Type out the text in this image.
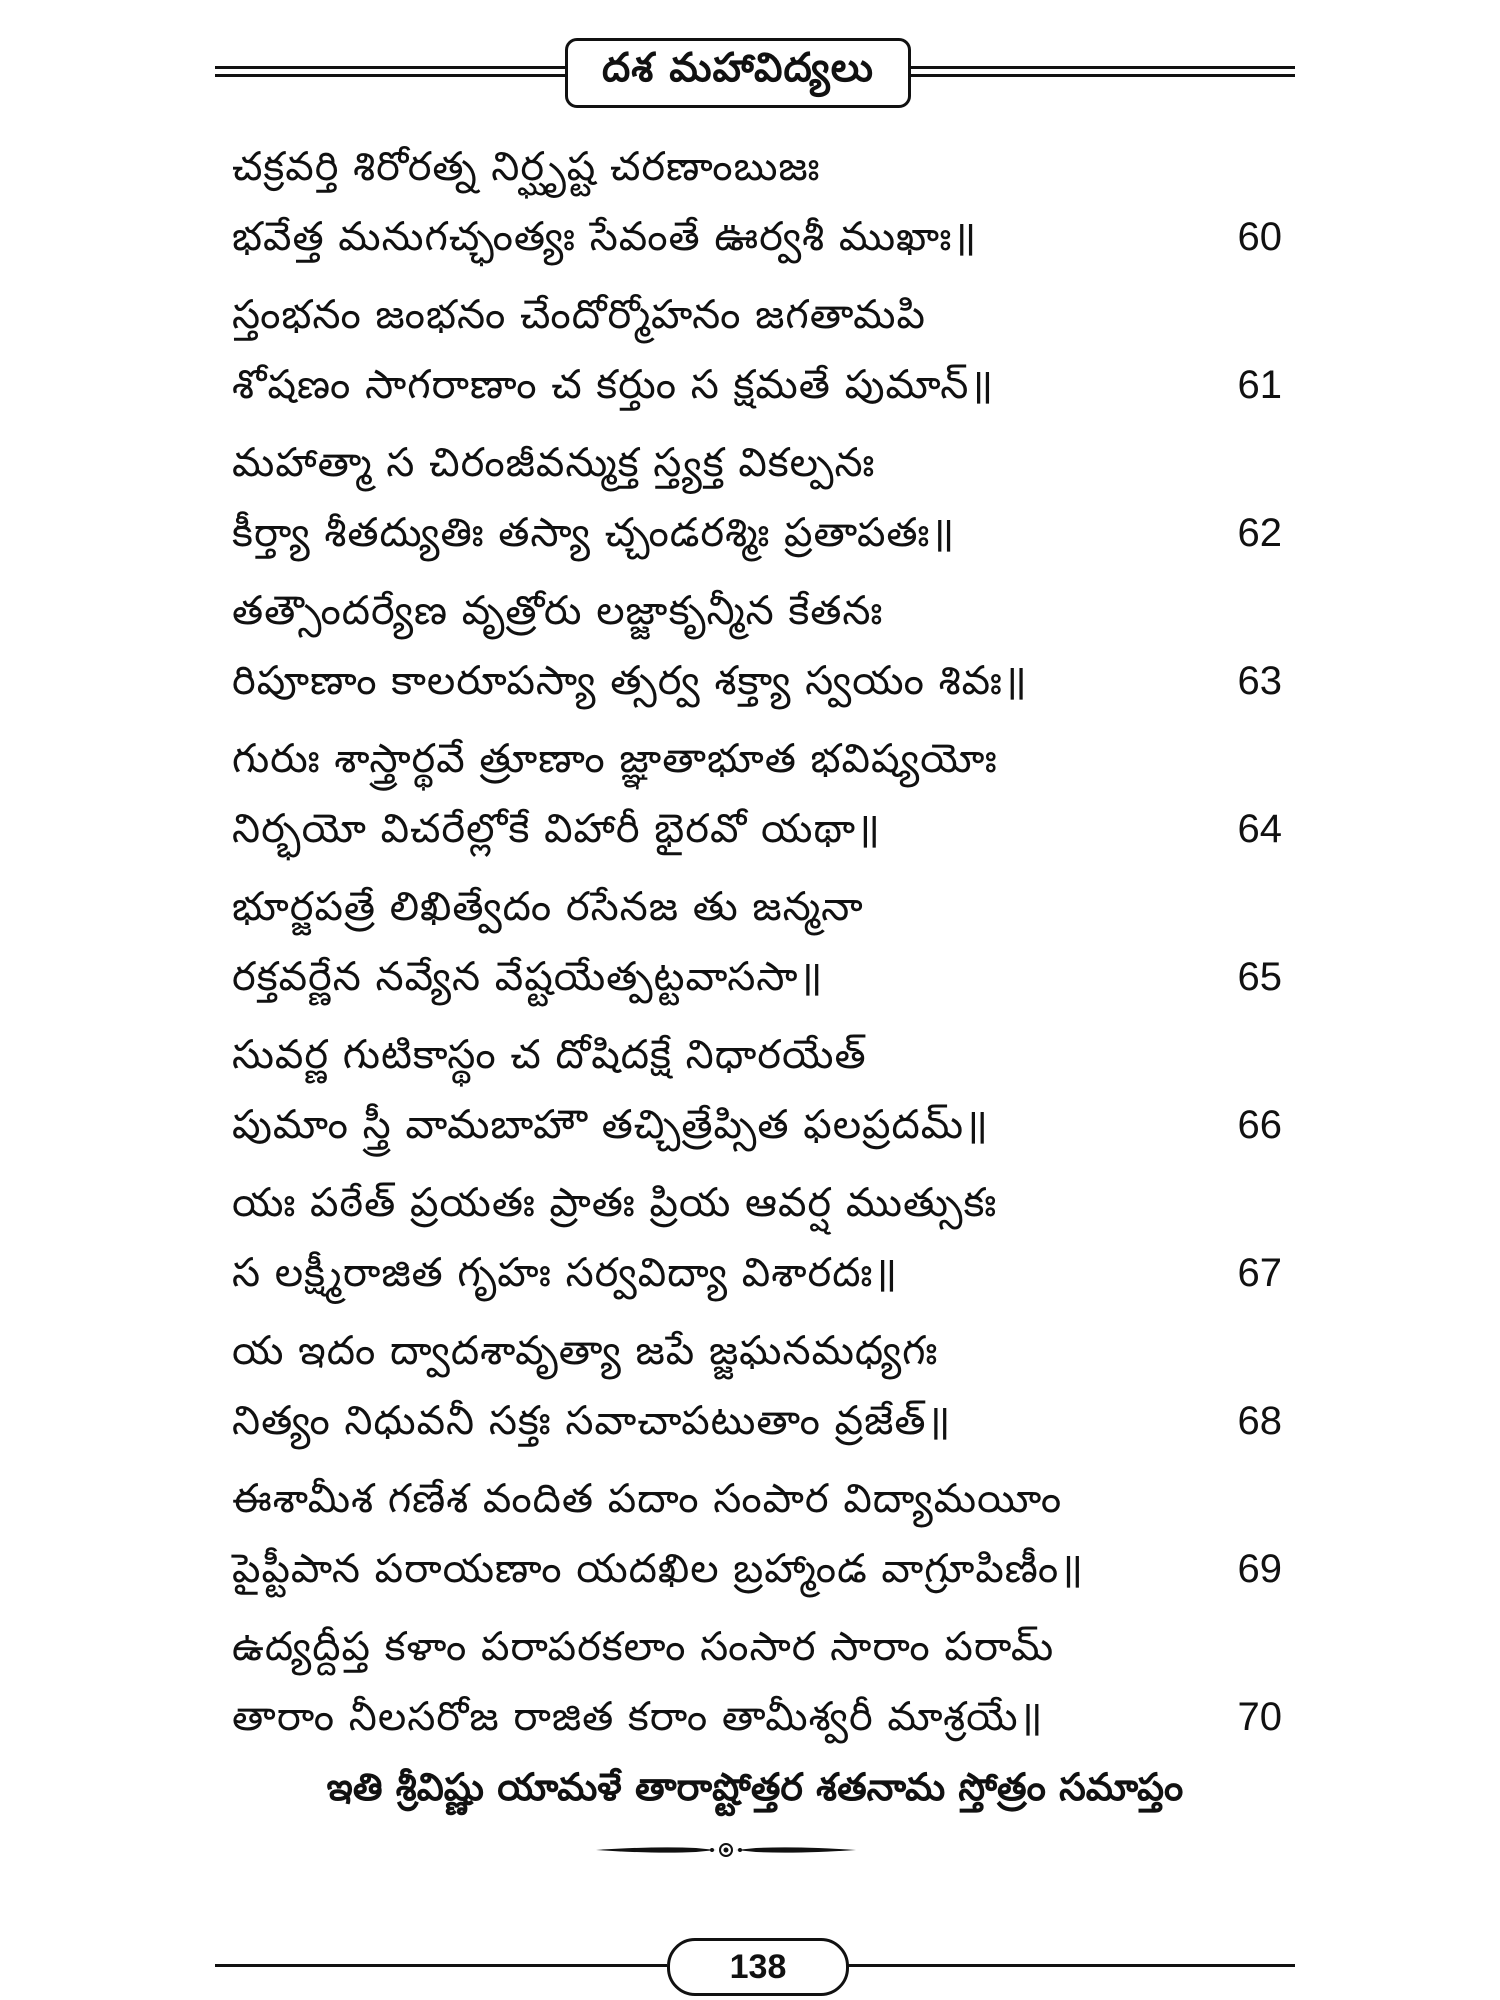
దశ మహావిద్యలు
చక్రవర్తి శిరోరత్న నిర్ఘృష్ట చరణాంబుజః
భవేత్త మనుగచ్ఛంత్యః సేవంతే ఊర్వశీ ముఖాః॥	60
స్తంభనం జంభనం చేందోర్మోహనం జగతామపి
శోషణం సాగరాణాం చ కర్తుం స క్షమతే పుమాన్॥	61
మహాత్మా స చిరంజీవన్ముక్త స్త్యక్త వికల్పనః
కీర్త్యా శీతద్యుతిః తస్యా చ్చండరశ్మిః ప్రతాపతః॥	62
తత్సౌందర్యేణ వృత్రోరు లజ్జాకృన్మీన కేతనః
రిపూణాం కాలరూపస్యా త్సర్వ శక్త్యా స్వయం శివః॥	63
గురుః శాస్త్రార్థవే త్రూణాం జ్ఞాతాభూత భవిష్యయోః
నిర్భయో విచరేల్లోకే విహారీ భైరవో యథా॥	64
భూర్జపత్రే లిఖిత్వేదం రసేనజ తు జన్మనా
రక్తవర్ణేన నవ్యేన వేష్టయేత్పట్టవాససా॥	65
సువర్ణ గుటికాస్థం చ దోషిదక్షే నిధారయేత్
పుమాం స్త్రీ వామబాహౌ తచ్చిత్రేప్సిత ఫలప్రదమ్॥	66
యః పఠేత్ ప్రయతః ప్రాతః ప్రియ ఆవర్ష ముత్సుకః
స లక్ష్మీరాజిత గృహః సర్వవిద్యా విశారదః॥	67
య ఇదం ద్వాదశావృత్యా జపే జ్జఘనమధ్యగః
నిత్యం నిధువనీ సక్తః సవాచాపటుతాం వ్రజేత్॥	68
ఈశామీశ గణేశ వందిత పదాం సంపార విద్యామయీం
పైప్టీపాన పరాయణాం యదఖిల బ్రహ్మాండ వాగ్రూపిణీం॥	69
ఉద్యద్దీప్త కళాం పరాపరకలాం సంసార సారాం పరామ్
తారాం నీలసరోజ రాజిత కరాం తామీశ్వరీ మాశ్రయే॥	70
ఇతి శ్రీవిష్ణు యామళే తారాష్టోత్తర శతనామ స్తోత్రం సమాప్తం
138
